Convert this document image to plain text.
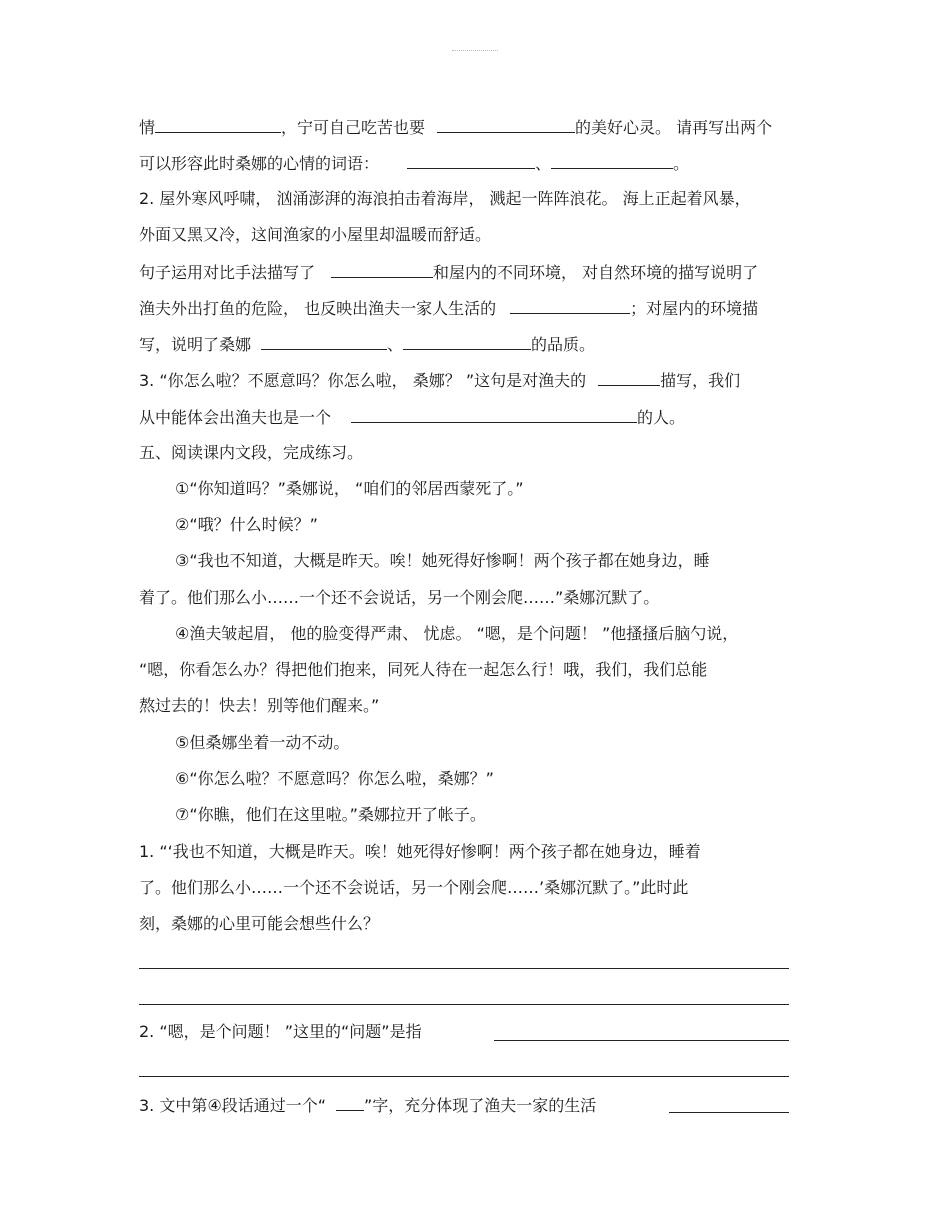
情	，宁可自己吃苦也要	的美好心灵。 请再写出两个
可以形容此时桑娜的心情的词语：	、	。
2. 屋外寒风呼啸， 汹涌澎湃的海浪拍击着海岸， 溅起一阵阵浪花。 海上正起着风暴，
外面又黑又冷，这间渔家的小屋里却温暖而舒适。
句子运用对比手法描写了	和屋内的不同环境， 对自然环境的描写说明了
渔夫外出打鱼的危险， 也反映出渔夫一家人生活的	；对屋内的环境描
写，说明了桑娜	、	的品质。
3. “你怎么啦？不愿意吗？你怎么啦， 桑娜？ ”这句是对渔夫的	描写，我们
从中能体会出渔夫也是一个	的人。
五、阅读课内文段，完成练习。
①“你知道吗？”桑娜说， “咱们的邻居西蒙死了。”
②“哦？什么时候？”
③“我也不知道，大概是昨天。唉！她死得好惨啊！两个孩子都在她身边，睡
着了。他们那么小……一个还不会说话，另一个刚会爬……”桑娜沉默了。
④渔夫皱起眉， 他的脸变得严肃、 忧虑。 “嗯，是个问题！ ”他搔搔后脑勺说，
“嗯，你看怎么办？得把他们抱来，同死人待在一起怎么行！哦，我们，我们总能
熬过去的！快去！别等他们醒来。”
⑤但桑娜坐着一动不动。
⑥“你怎么啦？不愿意吗？你怎么啦，桑娜？”
⑦“你瞧，他们在这里啦。”桑娜拉开了帐子。
1. “‘我也不知道，大概是昨天。唉！她死得好惨啊！两个孩子都在她身边，睡着
了。他们那么小……一个还不会说话，另一个刚会爬……’桑娜沉默了。”此时此
刻，桑娜的心里可能会想些什么？
2. “嗯，是个问题！ ”这里的“问题”是指
3. 文中第④段话通过一个“ ”字，充分体现了渔夫一家的生活
